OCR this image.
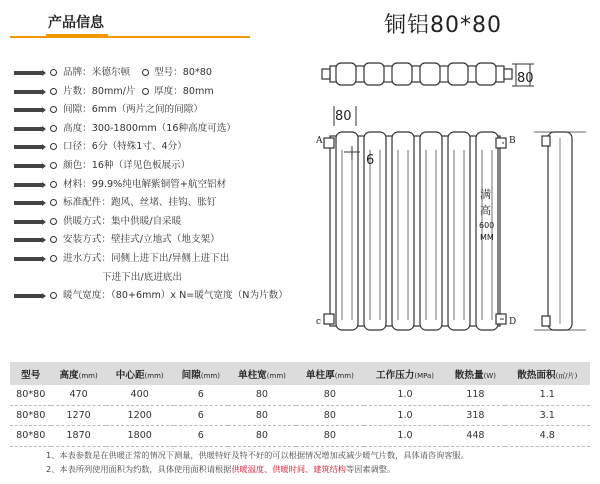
产品信息	铜铝80*80
品牌：米德尔顿 型号：80*80
片数：80mm/片 厚度：80mm
间隙：6mm（两片之间的间隙）
高度：300-1800mm（16种高度可选）
口径：6分（特殊1寸、4分）
颜色：16种（详见色板展示）
材料：99.9%纯电解紫铜管+航空铝材
标准配件：跑风、丝堵、挂钩、胀钉
供暖方式：集中供暖/自采暖
安装方式：壁挂式/立地式（地支架）
进水方式：同侧上进下出/异侧上进下出
下进下出/底进底出
暖气宽度：（80+6mm）x N=暖气宽度（N为片数）
80
80
6
A	B
c	D
满
高
600
MM
型号	高度(mm)	中心距(mm)	间隙(mm)	单柱宽(mm)	单柱厚(mm)	工作压力(MPa)	散热量(W)	散热面积(㎡/片)
80*80	470	400	6	80	80	1.0	118	1.1
80*80	1270	1200	6	80	80	1.0	318	3.1
80*80	1870	1800	6	80	80	1.0	448	4.8
1、本表参数是在供暖正常的情况下测量，供暖特好及特不好的可以根据情况增加或减少暖气片数，具体请咨询客服。
2、本表所列使用面积为约数，具体使用面积请根据供暖温度、供暖时间、建筑结构等因素调整。
